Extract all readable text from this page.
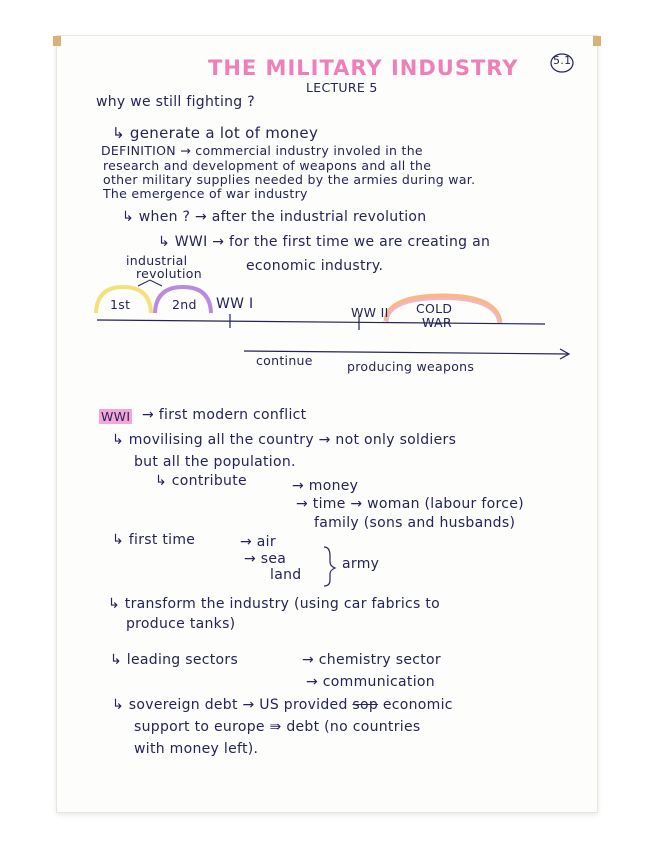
THE MILITARY INDUSTRY
LECTURE 5
5.1
why we still fighting ?
↳ generate a lot of money
DEFINITION → commercial industry involed in the
research and development of weapons and all the
other military supplies needed by the armies during war.
The emergence of war industry
↳ when ? → after the industrial revolution
↳ WWI → for the first time we are creating an
economic industry.
industrial
revolution
1st	2nd WW I
WW II COLD
WAR
continue	producing weapons
WWI → first modern conflict
↳ movilising all the country → not only soldiers
but all the population.
↳ contribute	→ money
→ time → woman (labour force)
family (sons and husbands)
↳ first time	→ air
→ sea
land
army
↳ transform the industry (using car fabrics to
produce tanks)
↳ leading sectors	→ chemistry sector
→ communication
↳ sovereign debt → US provided sop economic
support to europe ⇛ debt (no countries
with money left).
